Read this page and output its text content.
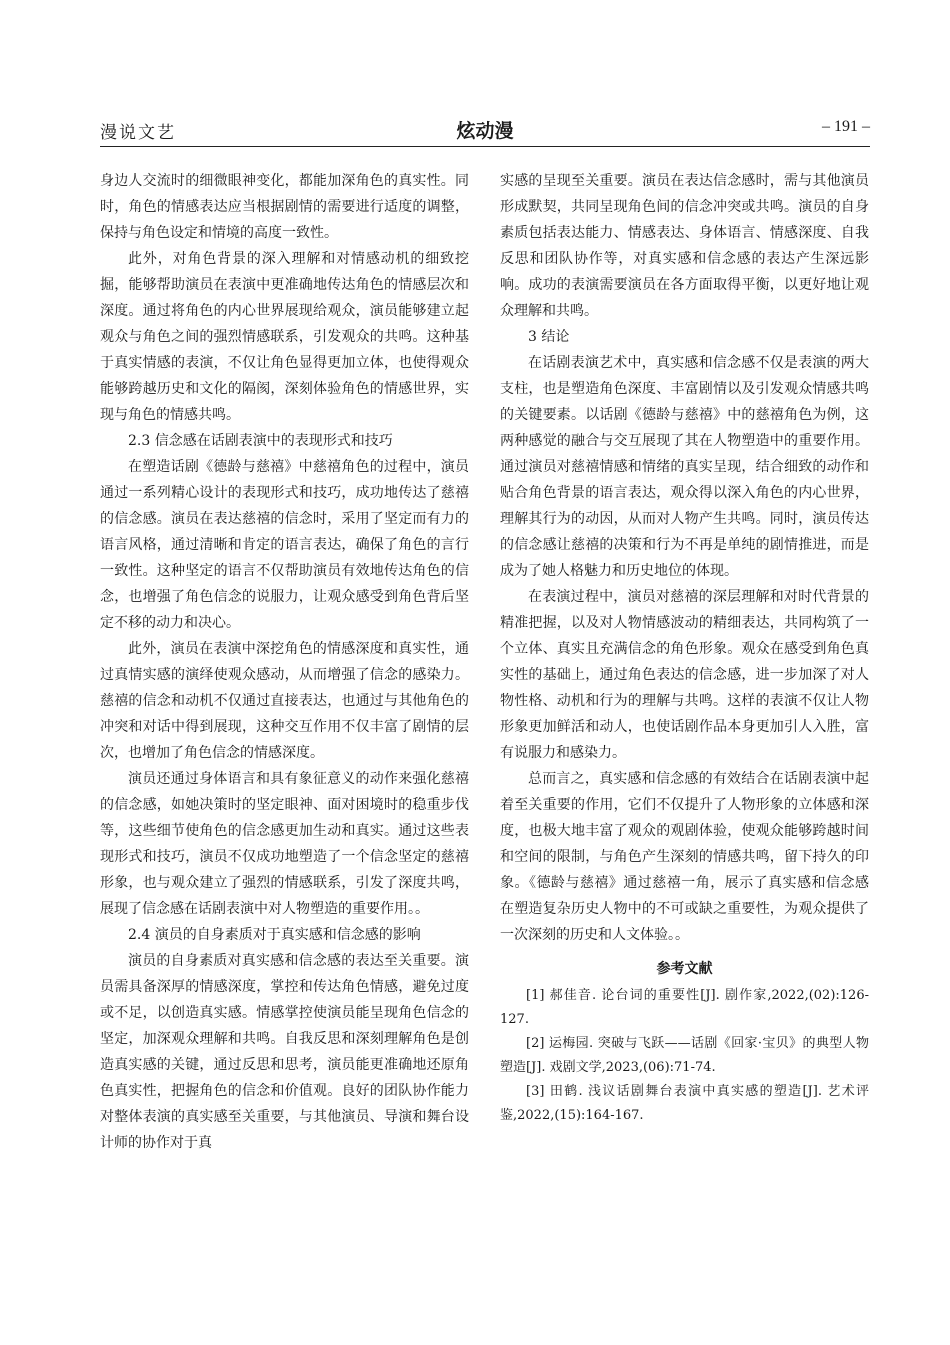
漫说文艺	炫动漫	– 191 –

身边人交流时的细微眼神变化，都能加深角色的真实性。同时，角色的情感表达应当根据剧情的需要进行适度的调整，保持与角色设定和情境的高度一致性。

此外，对角色背景的深入理解和对情感动机的细致挖掘，能够帮助演员在表演中更准确地传达角色的情感层次和深度。通过将角色的内心世界展现给观众，演员能够建立起观众与角色之间的强烈情感联系，引发观众的共鸣。这种基于真实情感的表演，不仅让角色显得更加立体，也使得观众能够跨越历史和文化的隔阂，深刻体验角色的情感世界，实现与角色的情感共鸣。

2.3 信念感在话剧表演中的表现形式和技巧

在塑造话剧《德龄与慈禧》中慈禧角色的过程中，演员通过一系列精心设计的表现形式和技巧，成功地传达了慈禧的信念感。演员在表达慈禧的信念时，采用了坚定而有力的语言风格，通过清晰和肯定的语言表达，确保了角色的言行一致性。这种坚定的语言不仅帮助演员有效地传达角色的信念，也增强了角色信念的说服力，让观众感受到角色背后坚定不移的动力和决心。

此外，演员在表演中深挖角色的情感深度和真实性，通过真情实感的演绎使观众感动，从而增强了信念的感染力。慈禧的信念和动机不仅通过直接表达，也通过与其他角色的冲突和对话中得到展现，这种交互作用不仅丰富了剧情的层次，也增加了角色信念的情感深度。

演员还通过身体语言和具有象征意义的动作来强化慈禧的信念感，如她决策时的坚定眼神、面对困境时的稳重步伐等，这些细节使角色的信念感更加生动和真实。通过这些表现形式和技巧，演员不仅成功地塑造了一个信念坚定的慈禧形象，也与观众建立了强烈的情感联系，引发了深度共鸣，展现了信念感在话剧表演中对人物塑造的重要作用。。

2.4 演员的自身素质对于真实感和信念感的影响

演员的自身素质对真实感和信念感的表达至关重要。演员需具备深厚的情感深度，掌控和传达角色情感，避免过度或不足，以创造真实感。情感掌控使演员能呈现角色信念的坚定，加深观众理解和共鸣。自我反思和深刻理解角色是创造真实感的关键，通过反思和思考，演员能更准确地还原角色真实性，把握角色的信念和价值观。良好的团队协作能力对整体表演的真实感至关重要，与其他演员、导演和舞台设计师的协作对于真

实感的呈现至关重要。演员在表达信念感时，需与其他演员形成默契，共同呈现角色间的信念冲突或共鸣。演员的自身素质包括表达能力、情感表达、身体语言、情感深度、自我反思和团队协作等，对真实感和信念感的表达产生深远影响。成功的表演需要演员在各方面取得平衡，以更好地让观众理解和共鸣。

3 结论

在话剧表演艺术中，真实感和信念感不仅是表演的两大支柱，也是塑造角色深度、丰富剧情以及引发观众情感共鸣的关键要素。以话剧《德龄与慈禧》中的慈禧角色为例，这两种感觉的融合与交互展现了其在人物塑造中的重要作用。通过演员对慈禧情感和情绪的真实呈现，结合细致的动作和贴合角色背景的语言表达，观众得以深入角色的内心世界，理解其行为的动因，从而对人物产生共鸣。同时，演员传达的信念感让慈禧的决策和行为不再是单纯的剧情推进，而是成为了她人格魅力和历史地位的体现。

在表演过程中，演员对慈禧的深层理解和对时代背景的精准把握，以及对人物情感波动的精细表达，共同构筑了一个立体、真实且充满信念的角色形象。观众在感受到角色真实性的基础上，通过角色表达的信念感，进一步加深了对人物性格、动机和行为的理解与共鸣。这样的表演不仅让人物形象更加鲜活和动人，也使话剧作品本身更加引人入胜，富有说服力和感染力。

总而言之，真实感和信念感的有效结合在话剧表演中起着至关重要的作用，它们不仅提升了人物形象的立体感和深度，也极大地丰富了观众的观剧体验，使观众能够跨越时间和空间的限制，与角色产生深刻的情感共鸣，留下持久的印象。《德龄与慈禧》通过慈禧一角，展示了真实感和信念感在塑造复杂历史人物中的不可或缺之重要性，为观众提供了一次深刻的历史和人文体验。。

参考文献

[1] 郝佳音. 论台词的重要性[J]. 剧作家,2022,(02):126-127.

[2] 运梅园. 突破与飞跃——话剧《回家·宝贝》的典型人物塑造[J]. 戏剧文学,2023,(06):71-74.

[3] 田鹤. 浅议话剧舞台表演中真实感的塑造[J]. 艺术评鉴,2022,(15):164-167.
